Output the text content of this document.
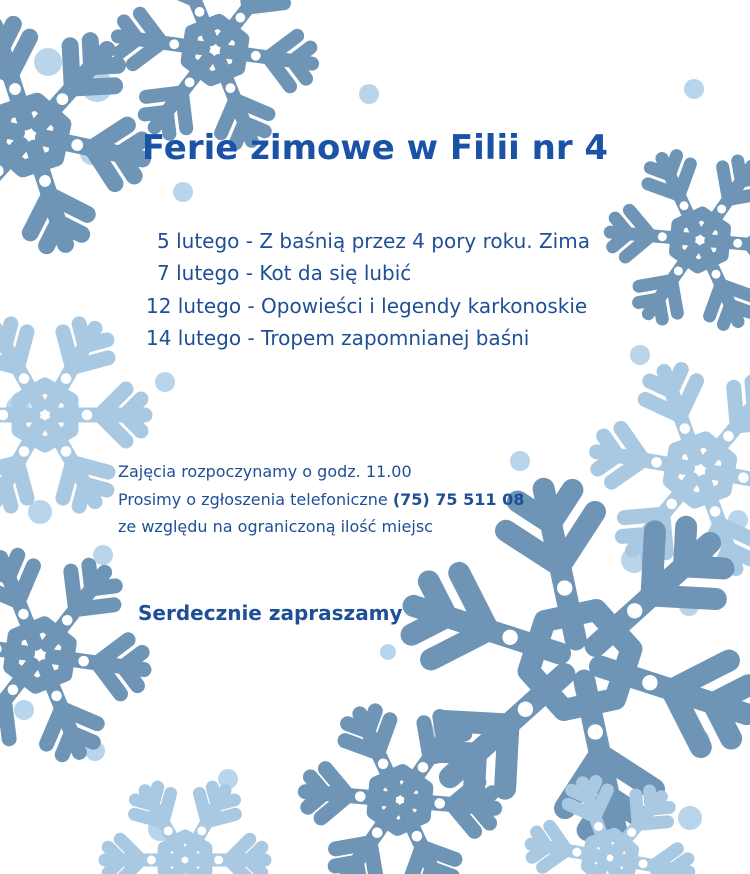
Ferie zimowe w Filii nr 4

5 lutego - Z baśnią przez 4 pory roku. Zima

7 lutego - Kot da się lubić

12 lutego - Opowieści i legendy karkonoskie

14 lutego - Tropem zapomnianej baśni

Zajęcia rozpoczynamy o godz. 11.00

Prosimy o zgłoszenia telefoniczne (75) 75 511 08

ze względu na ograniczoną ilość miejsc

Serdecznie zapraszamy
